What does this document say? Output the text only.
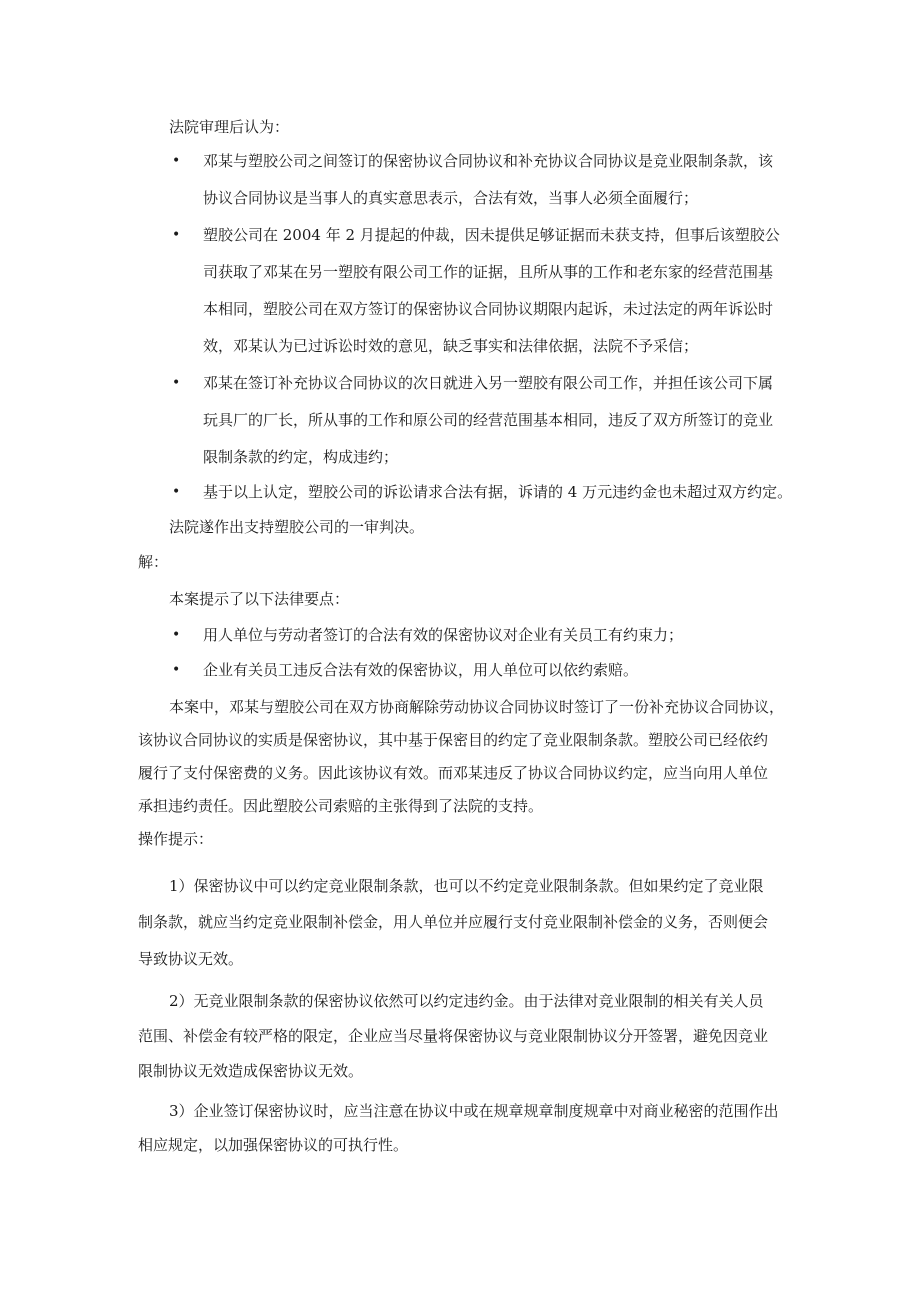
法院审理后认为：
• 邓某与塑胶公司之间签订的保密协议合同协议和补充协议合同协议是竞业限制条款，该
协议合同协议是当事人的真实意思表示，合法有效，当事人必须全面履行；
• 塑胶公司在 2004 年 2 月提起的仲裁，因未提供足够证据而未获支持，但事后该塑胶公
司获取了邓某在另一塑胶有限公司工作的证据，且所从事的工作和老东家的经营范围基
本相同，塑胶公司在双方签订的保密协议合同协议期限内起诉，未过法定的两年诉讼时
效，邓某认为已过诉讼时效的意见，缺乏事实和法律依据，法院不予采信；
• 邓某在签订补充协议合同协议的次日就进入另一塑胶有限公司工作，并担任该公司下属
玩具厂的厂长，所从事的工作和原公司的经营范围基本相同，违反了双方所签订的竞业
限制条款的约定，构成违约；
• 基于以上认定，塑胶公司的诉讼请求合法有据，诉请的 4 万元违约金也未超过双方约定。
法院遂作出支持塑胶公司的一审判决。
解：
本案提示了以下法律要点：
• 用人单位与劳动者签订的合法有效的保密协议对企业有关员工有约束力；
• 企业有关员工违反合法有效的保密协议，用人单位可以依约索赔。
本案中，邓某与塑胶公司在双方协商解除劳动协议合同协议时签订了一份补充协议合同协议，
该协议合同协议的实质是保密协议，其中基于保密目的约定了竞业限制条款。塑胶公司已经依约
履行了支付保密费的义务。因此该协议有效。而邓某违反了协议合同协议约定，应当向用人单位
承担违约责任。因此塑胶公司索赔的主张得到了法院的支持。
操作提示：
1）保密协议中可以约定竞业限制条款，也可以不约定竞业限制条款。但如果约定了竞业限
制条款，就应当约定竞业限制补偿金，用人单位并应履行支付竞业限制补偿金的义务，否则便会
导致协议无效。
2）无竞业限制条款的保密协议依然可以约定违约金。由于法律对竞业限制的相关有关人员
范围、补偿金有较严格的限定，企业应当尽量将保密协议与竞业限制协议分开签署，避免因竞业
限制协议无效造成保密协议无效。
3）企业签订保密协议时，应当注意在协议中或在规章规章制度规章中对商业秘密的范围作出
相应规定，以加强保密协议的可执行性。
